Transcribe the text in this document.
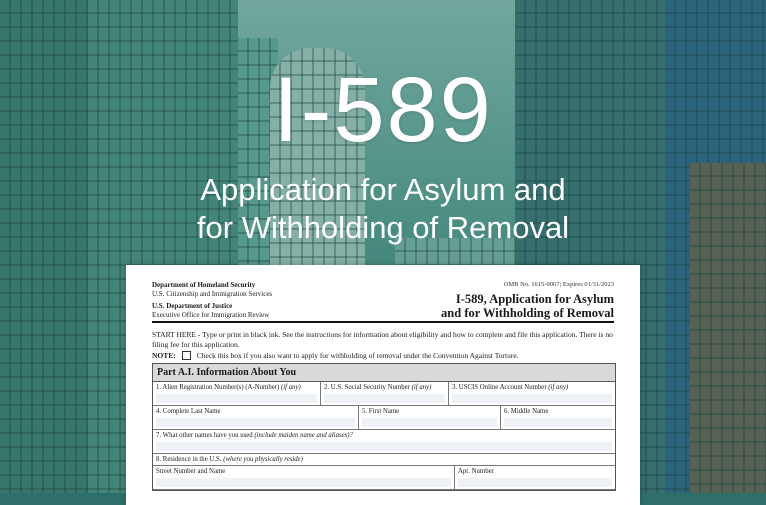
I-589
Application for Asylum and
for Withholding of Removal
Department of Homeland Security
U.S. Citizenship and Immigration Services
U.S. Department of Justice
Executive Office for Immigration Review
OMB No. 1615-0067; Expires 01/31/2023
I-589, Application for Asylum
and for Withholding of Removal
START HERE - Type or print in black ink. See the instructions for information about eligibility and how to complete and file this application. There is no filing fee for this application.
NOTE:	Check this box if you also want to apply for withholding of removal under the Convention Against Torture.
Part A.I. Information About You
1. Alien Registration Number(s) (A-Number) (if any)	2. U.S. Social Security Number (if any)	3. USCIS Online Account Number (if any)
4. Complete Last Name	5. First Name	6. Middle Name
7. What other names have you used (include maiden name and aliases)?
8. Residence in the U.S. (where you physically reside)
Street Number and Name	Apt. Number
